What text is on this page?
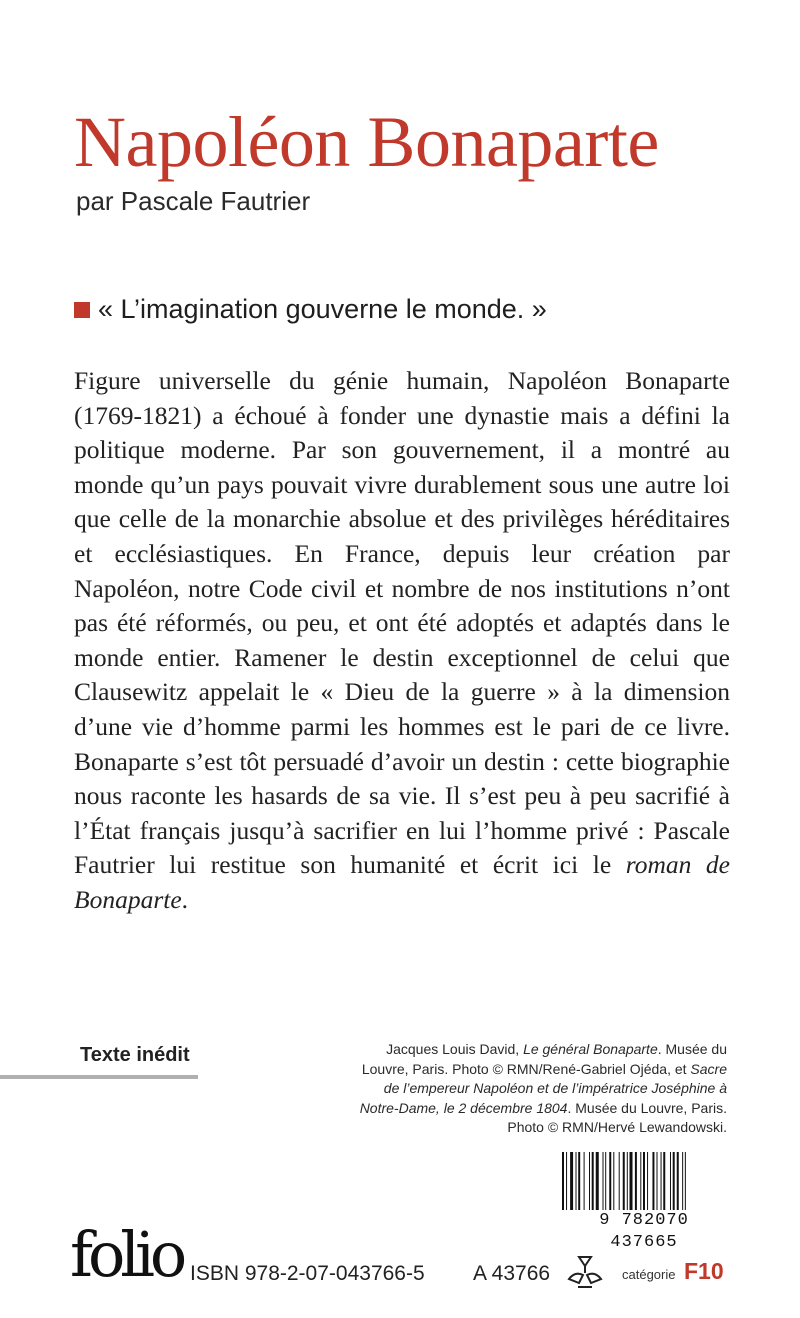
Napoléon Bonaparte
par Pascale Fautrier
« L’imagination gouverne le monde. »

Figure universelle du génie humain, Napoléon Bonaparte (1769-1821) a échoué à fonder une dynastie mais a défini la politique moderne. Par son gouvernement, il a montré au monde qu’un pays pouvait vivre durablement sous une autre loi que celle de la monarchie absolue et des privilèges héréditaires et ecclésiastiques. En France, depuis leur création par Napoléon, notre Code civil et nombre de nos institutions n’ont pas été réformés, ou peu, et ont été adoptés et adaptés dans le monde entier. Ramener le destin exceptionnel de celui que Clausewitz appelait le « Dieu de la guerre » à la dimension d’une vie d’homme parmi les hommes est le pari de ce livre. Bonaparte s’est tôt persuadé d’avoir un destin : cette biographie nous raconte les hasards de sa vie. Il s’est peu à peu sacrifié à l’État français jusqu’à sacrifier en lui l’homme privé : Pascale Fautrier lui restitue son humanité et écrit ici le roman de Bonaparte.

Texte inédit	Jacques Louis David, Le général Bonaparte. Musée du Louvre, Paris. Photo © RMN/René-Gabriel Ojéda, et Sacre de l’empereur Napoléon et de l’impératrice Joséphine à Notre-Dame, le 2 décembre 1804. Musée du Louvre, Paris. Photo © RMN/Hervé Lewandowski.
9 782070 437665
folio ISBN 978-2-07-043766-5 A 43766	catégorie F10
